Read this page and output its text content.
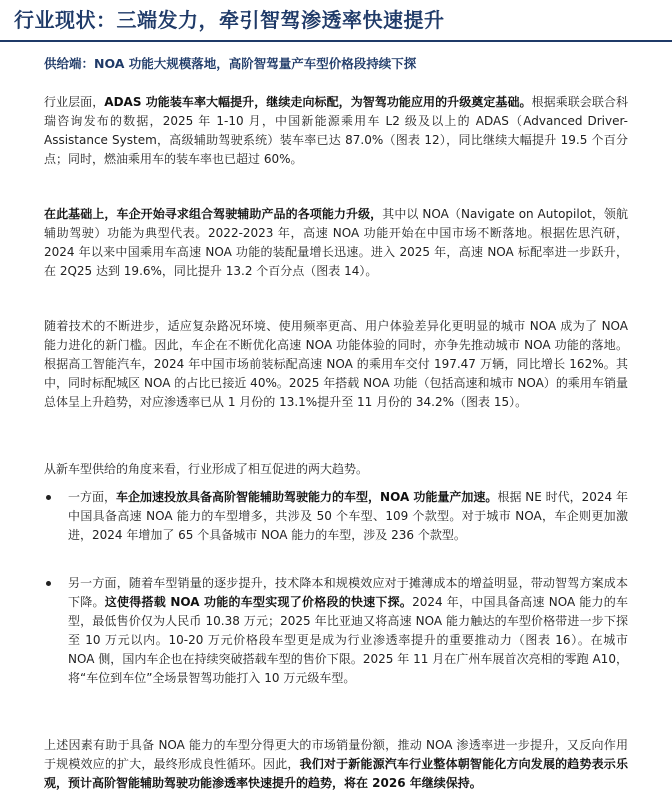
行业现状：三端发力，牵引智驾渗透率快速提升
供给端：NOA 功能大规模落地，高阶智驾量产车型价格段持续下探

行业层面，ADAS 功能装车率大幅提升，继续走向标配，为智驾功能应用的升级奠定基础。根据乘联会联合科瑞咨询发布的数据，2025 年 1-10 月，中国新能源乘用车 L2 级及以上的 ADAS（Advanced Driver-Assistance System，高级辅助驾驶系统）装车率已达 87.0%（图表 12），同比继续大幅提升 19.5 个百分点；同时，燃油乘用车的装车率也已超过 60%。

在此基础上，车企开始寻求组合驾驶辅助产品的各项能力升级，其中以 NOA（Navigate on Autopilot，领航辅助驾驶）功能为典型代表。2022-2023 年，高速 NOA 功能开始在中国市场不断落地。根据佐思汽研，2024 年以来中国乘用车高速 NOA 功能的装配量增长迅速。进入 2025 年，高速 NOA 标配率进一步跃升，在 2Q25 达到 19.6%，同比提升 13.2 个百分点（图表 14）。

随着技术的不断进步，适应复杂路况环境、使用频率更高、用户体验差异化更明显的城市 NOA 成为了 NOA 能力进化的新门槛。因此，车企在不断优化高速 NOA 功能体验的同时，亦争先推动城市 NOA 功能的落地。根据高工智能汽车，2024 年中国市场前装标配高速 NOA 的乘用车交付 197.47 万辆，同比增长 162%。其中，同时标配城区 NOA 的占比已接近 40%。2025 年搭载 NOA 功能（包括高速和城市 NOA）的乘用车销量总体呈上升趋势，对应渗透率已从 1 月份的 13.1%提升至 11 月份的 34.2%（图表 15）。

从新车型供给的角度来看，行业形成了相互促进的两大趋势。

一方面，车企加速投放具备高阶智能辅助驾驶能力的车型，NOA 功能量产加速。根据 NE 时代，2024 年中国具备高速 NOA 能力的车型增多，共涉及 50 个车型、109 个款型。对于城市 NOA，车企则更加激进，2024 年增加了 65 个具备城市 NOA 能力的车型，涉及 236 个款型。

另一方面，随着车型销量的逐步提升，技术降本和规模效应对于摊薄成本的增益明显，带动智驾方案成本下降。这使得搭载 NOA 功能的车型实现了价格段的快速下探。2024 年，中国具备高速 NOA 能力的车型，最低售价仅为人民币 10.38 万元；2025 年比亚迪又将高速 NOA 能力触达的车型价格带进一步下探至 10 万元以内。10-20 万元价格段车型更是成为行业渗透率提升的重要推动力（图表 16）。在城市 NOA 侧，国内车企也在持续突破搭载车型的售价下限。2025 年 11 月在广州车展首次亮相的零跑 A10，将“车位到车位”全场景智驾功能打入 10 万元级车型。

上述因素有助于具备 NOA 能力的车型分得更大的市场销量份额，推动 NOA 渗透率进一步提升，又反向作用于规模效应的扩大，最终形成良性循环。因此，我们对于新能源汽车行业整体朝智能化方向发展的趋势表示乐观，预计高阶智能辅助驾驶功能渗透率快速提升的趋势，将在 2026 年继续保持。
